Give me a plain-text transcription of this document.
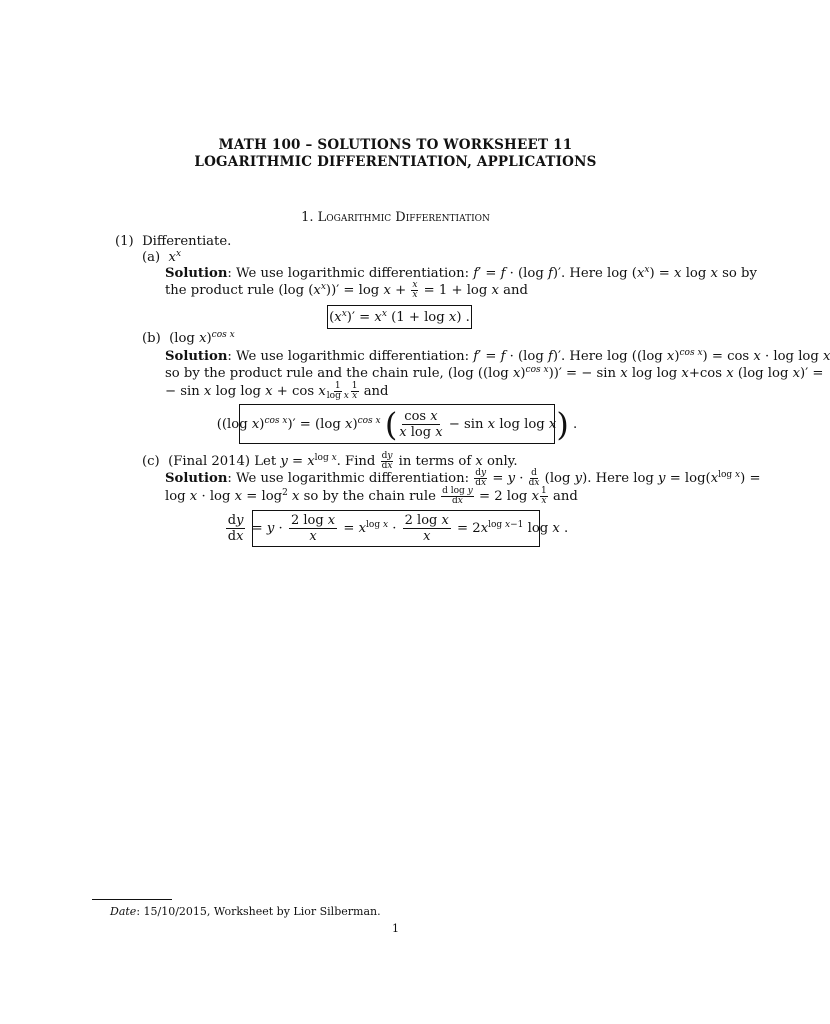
MATH 100 – SOLUTIONS TO WORKSHEET 11
LOGARITHMIC DIFFERENTIATION, APPLICATIONS
1. Logarithmic Differentiation
(1) Differentiate.
(a) $x^x$
Solution: We use logarithmic differentiation: f′ = f · (log f)′. Here $\log (x^x) = x$ log x so by
the product rule (log $(x^x))' = \log x + \frac{x}{x} = 1 + \log x$ and
$(x^x)' = x^x$ (1 + log x) .
(b) (log x)$^{cos x}$
Solution: We use logarithmic differentiation: f′ = f · (log f)′. Here log ((log x)$^{cos x}$) = cos x · log log x
so by the product rule and the chain rule, (log ((log x)$^{cos x}$))′ = − sin x log log x+cos x (log log x)′ =
− sin x log log x + cos x $\frac{1}{\text{log x}} \frac{1}{x}$ and
((log x)$^{cos x}$)′ = (log x)$^{cos x}$ ( $\frac{\text{cos x}}{\text{x log x}} - \sin x$ log log x) .
(c) (Final 2014) Let $y = x^{log x}$. Find $\frac{dy}{dx}$ in terms of x only.
Solution: We use logarithmic differentiation: $\frac{dy}{dx} = y \cdot \frac{d}{dx} (\log$ y). Here $\log y = \log(x^{log x})$ =
$\log x \cdot \log x = \log^2 x$ so by the chain rule $\frac{\text{d log y}}{dx} = 2$ log x $\frac{1}{x}$ and
$\frac{dy}{dx} = y \cdot \frac{\text{2 log x}}{x} = x^{log x} \cdot \frac{\text{2 log x}}{x} = 2x^{log x-1}$ log x .
Date: 15/10/2015, Worksheet by Lior Silberman.
1
